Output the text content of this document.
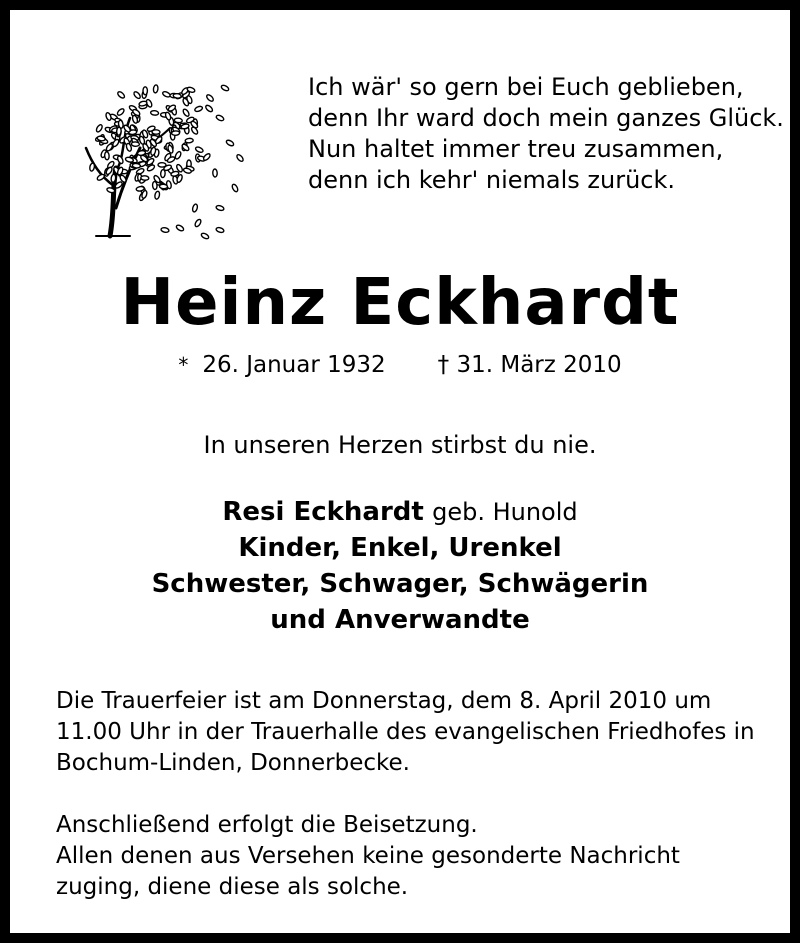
Ich wär' so gern bei Euch geblieben,
denn Ihr ward doch mein ganzes Glück.
Nun haltet immer treu zusammen,
denn ich kehr' niemals zurück.
Heinz Eckhardt
* 26. Januar 1932 † 31. März 2010
In unseren Herzen stirbst du nie.
Resi Eckhardt geb. Hunold
Kinder, Enkel, Urenkel
Schwester, Schwager, Schwägerin
und Anverwandte

Die Trauerfeier ist am Donnerstag, dem 8. April 2010 um
11.00 Uhr in der Trauerhalle des evangelischen Friedhofes in
Bochum-Linden, Donnerbecke.

Anschließend erfolgt die Beisetzung.
Allen denen aus Versehen keine gesonderte Nachricht
zuging, diene diese als solche.
